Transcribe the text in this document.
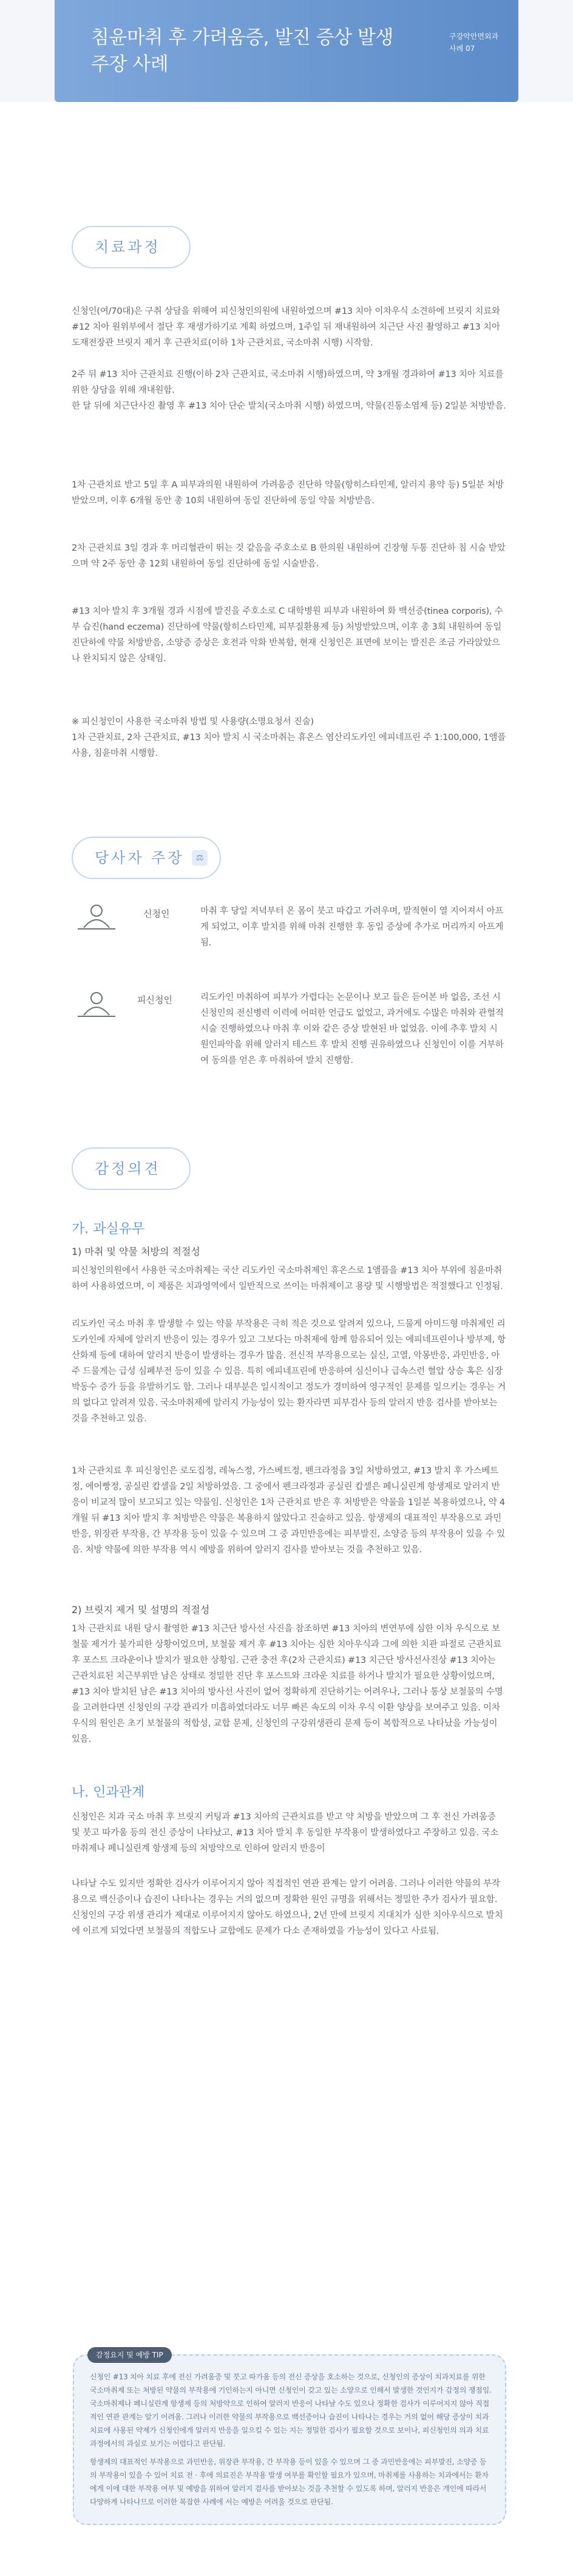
침윤마취 후 가려움증, 발진 증상 발생
주장 사례
구강악안면외과
사례 07
치료과정
신청인(여/70대)은 구취 상담을 위해여 피신청인의원에 내원하였으며 #13 치아 이차우식 소견하에 브릿지 치료와 #12 치아 원위부에서 절단 후 재생가하기로 계획 하였으며, 1주일 뒤 재내원하여 치근단 사진 촬영하고 #13 치아 도재전장관 브릿지 제거 후 근관치료(이하 1차 근관치료, 국소마취 시행) 시작함.
2주 뒤 #13 치아 근관치료 진행(이하 2차 근관치료, 국소마취 시행)하였으며, 약 3개월 경과하여 #13 치아 치료를 위한 상담을 위해 재내원함.
한 달 뒤에 치근단사진 촬영 후 #13 치아 단순 발치(국소마취 시행) 하였으며, 약물(진통소염제 등) 2일분 처방받음.
1차 근관치료 받고 5일 후 A 피부과의원 내원하여 가려움증 진단하 약물(항히스타민제, 알러지 용약 등) 5일분 처방받았으며, 이후 6개월 동안 총 10회 내원하여 동일 진단하에 동일 약물 처방받음.
2차 근관치료 3일 경과 후 머리혈관이 뛰는 것 같음을 주호소로 B 한의원 내원하여 긴장형 두통 진단하 침 시술 받았으며 약 2주 동안 총 12회 내원하여 동일 진단하에 동일 시술받음.
#13 치아 발치 후 3개월 경과 시점에 발진을 주호소로 C 대학병원 피부과 내원하여 화 백선증(tinea corporis), 수부 습진(hand eczema) 진단하에 약물(항히스타민제, 피부질환용제 등) 처방받았으며, 이후 총 3회 내원하여 동일 진단하에 약물 처방받음, 소양증 증상은 호전과 악화 반복함, 현재 신청인은 표면에 보이는 발진은 조금 가라앉았으나 완치되지 않은 상태임.
※ 피신청인이 사용한 국소마취 방법 및 사용량(소명요청서 진술)
1차 근관치료, 2차 근관치료, #13 치아 발치 시 국소마취는 휴온스 염산리도카인 에피네프린 주 1:100,000, 1앰플 사용, 침윤마취 시행함.
당사자 주장	⚖
신청인	마취 후 당일 저녁부터 온 몸이 붓고 따갑고 가려우며, 발적현이 열 지어져서 아프게 되었고, 이후 발치를 위해 마취 진행한 후 동일 증상에 추가로 머리까지 아프게 됨.
피신청인	리도카인 마취하여 피부가 가렵다는 논문이나 보고 들은 듣어본 바 없음, 조선 시 신청인의 전신병력 이력에 어떠한 언급도 없었고, 과거에도 수많은 마취와 관혈적 시술 진행하였으나 마취 후 이와 같은 증상 발현된 바 없었음. 이에 추후 발치 시 원인파악을 위해 알러지 테스트 후 발치 진행 권유하였으나 신청인이 이를 거부하여 동의를 얻은 후 마취하여 발치 진행함.
감정의견
가. 과실유무
1) 마취 및 약물 처방의 적절성
피신청인의원에서 사용한 국소마취제는 국산 리도카인 국소마취제인 휴온스로 1앰플을 #13 치아 부위에 침윤마취하여 사용하였으며, 이 제품은 치과영역에서 일반적으로 쓰이는 마취제이고 용량 및 시행방법은 적절했다고 인정됨.
리도카인 국소 마취 후 발생할 수 있는 약물 부작용은 극히 적은 것으로 알려져 있으나, 드물게 아미드형 마취제인 리도카인에 자체에 알러지 반응이 있는 경우가 있고 그보다는 마취제에 함께 함유되어 있는 에피네프린이나 방부제, 항산화제 등에 대하여 알러지 반응이 발생하는 경우가 많음. 전신적 부작용으로는 실신, 고열, 악몽반응, 과민반응, 아주 드물게는 급성 심폐부전 등이 있을 수 있음. 특히 에피네프린에 반응하여 심신이나 급속스런 혈압 상승 혹은 심장 박동수 증가 등을 유발하기도 함. 그러나 대부분은 일시적이고 정도가 경미하여 영구적인 문제를 일으키는 경우는 거의 없다고 알려져 있음. 국소마취제에 알러지 가능성이 있는 환자라면 피부검사 등의 알러지 반응 검사를 받아보는 것을 추천하고 있음.
1차 근관치료 후 피신청인은 로도집정, 레녹스정, 가스베트정, 펜크라정을 3일 처방하였고, #13 발치 후 가스베트정, 에어빵정, 공실린 캅셀을 2일 처방하였음. 그 중에서 펜크라정과 공실린 캅셀은 페니실린계 항생제로 알러지 반응이 비교적 많이 보고되고 있는 약물임. 신청인은 1차 근관치료 받은 후 처방받은 약물을 1일분 복용하였으나, 약 4개월 뒤 #13 치아 발치 후 처방받은 약물은 복용하지 않았다고 진술하고 있음. 항생제의 대표적인 부작용으로 과민반응, 위장관 부작용, 간 부작용 등이 있을 수 있으며 그 중 과민반응에는 피부발진, 소양증 등의 부작용이 있을 수 있음. 처방 약물에 의한 부작용 역시 예방을 위하여 알러지 검사를 받아보는 것을 추천하고 있음.
2) 브릿지 제거 및 설명의 적절성
1차 근관치료 내원 당시 촬영한 #13 치근단 방사선 사진을 참조하면 #13 치아의 변연부에 심한 이차 우식으로 보철물 제거가 불가피한 상황이었으며, 보철물 제거 후 #13 치아는 심한 치아우식과 그에 의한 치관 파절로 근관치료 후 포스트 크라운이나 발치가 필요한 상황임. 근관 충전 후(2차 근관치료) #13 치근단 방사선사진상 #13 치아는 근관치료된 치근부위만 남은 상태로 정밀한 진단 후 포스트와 크라운 치료를 하거나 발치가 필요한 상황이었으며, #13 치아 발치된 남은 #13 치아의 방사선 사진이 없어 정확하게 진단하기는 어려우나, 그러나 통상 보철물의 수명을 고려한다면 신청인의 구강 관리가 미흡하였더라도 너무 빠른 속도의 이차 우식 이환 양상을 보여주고 있음. 이차 우식의 원인은 초기 보철물의 적합성, 교합 문제, 신청인의 구강위생관리 문제 등이 복합적으로 나타났을 가능성이 있음.
나. 인과관계
신청인은 치과 국소 마취 후 브릿지 커팅과 #13 치아의 근관치료를 받고 약 처방을 받았으며 그 후 전신 가려움증 및 붓고 따가움 등의 전신 증상이 나타났고, #13 치아 발치 후 동일한 부작용이 발생하였다고 주장하고 있음. 국소마취제나 페니실린계 항생제 등의 처방약으로 인하여 알러지 반응이
나타날 수도 있지만 정확한 검사가 이루어지지 않아 직접적인 연관 관계는 알기 어려움. 그러나 이러한 약물의 부작용으로 백신증이나 습진이 나타나는 경우는 거의 없으며 정확한 원인 규명을 위해서는 정밀한 추가 검사가 필요함. 신청인의 구강 위생 관리가 제대로 이루어지지 않아도 하였으나, 2년 만에 브릿지 지대치가 심한 치아우식으로 발치에 이르게 되었다면 보철물의 적합도나 교합에도 문제가 다소 존재하였을 가능성이 있다고 사료됨.
감정요지 및 예방 TIP
신청인 #13 치아 치료 후에 전신 가려움증 및 붓고 따가움 등의 전신 증상을 호소하는 것으로, 신청인의 증상이 치과치료를 위한 국소마취제 또는 처방된 약물의 부작용에 기인하는지 아니면 신청인이 갖고 있는 소양으로 인해서 발생한 것인지가 감정의 쟁점임. 국소마취제나 페니실린계 항생제 등의 처방약으로 인하여 알러지 반응이 나타날 수도 있으나 정확한 검사가 이루어지지 않아 직접적인 연관 관계는 알기 어려움. 그러나 이러한 약물의 부작용으로 백선증이나 습진이 나타나는 경우는 거의 없어 해당 증상이 치과치료에 사용된 약제가 신청인에게 알러지 반응을 일으킬 수 있는 지는 정밀한 검사가 필요할 것으로 보이나, 피신청인의 의과 치료 과정에서의 과실로 보기는 어렵다고 판단됨.
항생제의 대표적인 부작용으로 과민반응, 위장관 부작용, 간 부작용 등이 있을 수 있으며 그 중 과민반응에는 피부발진, 소양증 등의 부작용이 있을 수 있어 치료 전 · 후에 의료진은 부작용 발생 여부를 확인할 필요가 있으며, 마취제를 사용하는 치과에서는 환자에게 이에 대한 부작용 여부 및 예방을 위하여 알러지 검사를 받아보는 것을 추천할 수 있도록 하며, 알러지 반응은 개인에 따라서 다양하게 나타나므로 이러한 복잡한 사례에 서는 예방은 어려울 것으로 판단됨.
